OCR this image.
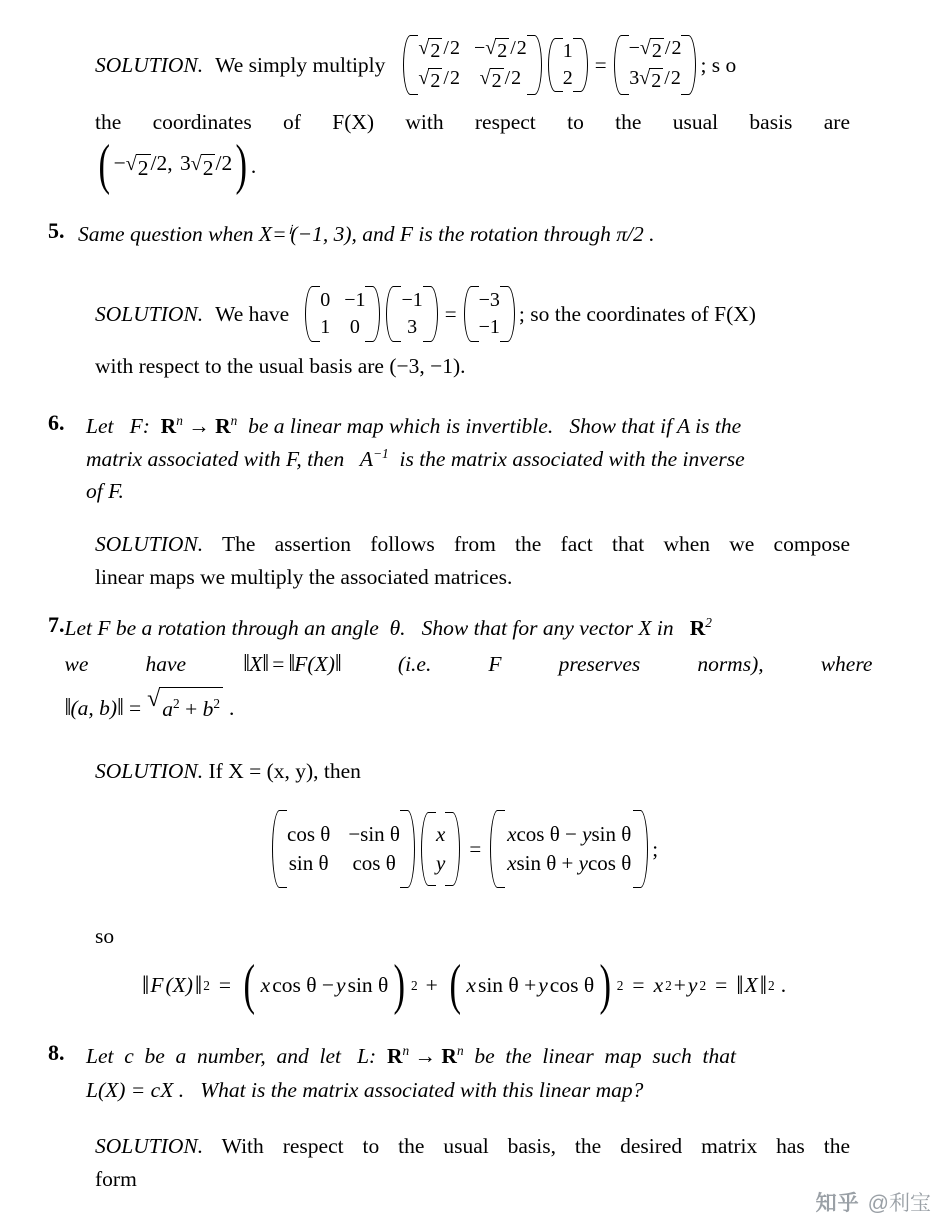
SOLUTION. We simply multiply
√ 2 /2 − √ 2 /2
√ 2 /2 √ 2 /2
1
2
=
− √ 2 /2
3 √ 2 /2
; s o
the coordinates of F(X) with respect to the usual basis are
( − √ 2 /2, 3 √ 2 /2 ) .
5. Same question when X=ⁱ(−1, 3), and F is the rotation through π/2 .
SOLUTION. We have
0 −1
1 0
−1
3
=
−3
−1
; so the coordinates of F(X)
with respect to the usual basis are (−3, −1).
6.	Let   F:  $R^n \to R^n$  be a linear map which is invertible.   Show that if A is the
matrix associated with F, then   $A^{-1}$  is the matrix associated with the inverse
of F.
SOLUTION. The assertion follows from the fact that when we compose
linear maps we multiply the associated matrices.
7. Let F be a rotation through an angle  θ.   Show that for any vector X in   $R^2$
we	have ‖ X ‖ = ‖ F (X) ‖	(i.e.	F	preserves	norms),	where
‖ (a, b) ‖ = √ $a^2 + b^2$ .
SOLUTION. If X = (x, y), then
cos θ −sin θ
sin θ cos θ
x
y
=
xcos θ − ysin θ
xsin θ + ycos θ
;
so
‖ F (X) ‖ 2 = ( x cos θ − y sin θ ) 2 + ( x sin θ + y cos θ ) 2 = x 2 + y 2 = ‖ X ‖ 2 .
8.	Let  c  be  a  number,  and  let   L:  $R^n \to R^n$  be  the  linear  map  such  that
L(X) = cX .   What is the matrix associated with this linear map?
SOLUTION. With respect to the usual basis, the desired matrix has the
form
知乎 @利宝
